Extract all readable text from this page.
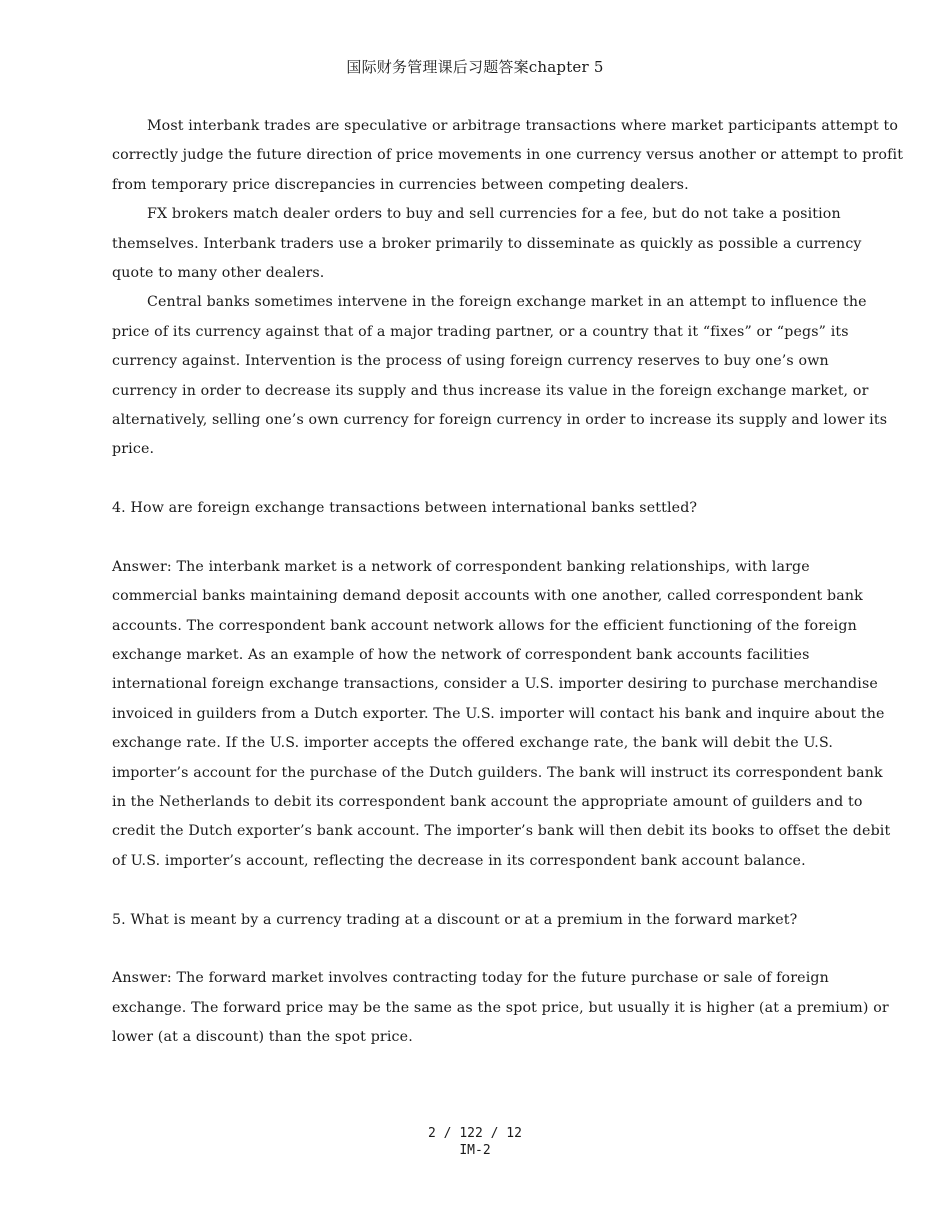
国际财务管理课后习题答案chapter 5
Most interbank trades are speculative or arbitrage transactions where market participants attempt to
correctly judge the future direction of price movements in one currency versus another or attempt to profit
from temporary price discrepancies in currencies between competing dealers.
FX brokers match dealer orders to buy and sell currencies for a fee, but do not take a position
themselves. Interbank traders use a broker primarily to disseminate as quickly as possible a currency
quote to many other dealers.
Central banks sometimes intervene in the foreign exchange market in an attempt to influence the
price of its currency against that of a major trading partner, or a country that it “fixes” or “pegs” its
currency against. Intervention is the process of using foreign currency reserves to buy one’s own
currency in order to decrease its supply and thus increase its value in the foreign exchange market, or
alternatively, selling one’s own currency for foreign currency in order to increase its supply and lower its
price.
4. How are foreign exchange transactions between international banks settled?
Answer: The interbank market is a network of correspondent banking relationships, with large
commercial banks maintaining demand deposit accounts with one another, called correspondent bank
accounts. The correspondent bank account network allows for the efficient functioning of the foreign
exchange market. As an example of how the network of correspondent bank accounts facilities
international foreign exchange transactions, consider a U.S. importer desiring to purchase merchandise
invoiced in guilders from a Dutch exporter. The U.S. importer will contact his bank and inquire about the
exchange rate. If the U.S. importer accepts the offered exchange rate, the bank will debit the U.S.
importer’s account for the purchase of the Dutch guilders. The bank will instruct its correspondent bank
in the Netherlands to debit its correspondent bank account the appropriate amount of guilders and to
credit the Dutch exporter’s bank account. The importer’s bank will then debit its books to offset the debit
of U.S. importer’s account, reflecting the decrease in its correspondent bank account balance.
5. What is meant by a currency trading at a discount or at a premium in the forward market?
Answer: The forward market involves contracting today for the future purchase or sale of foreign
exchange. The forward price may be the same as the spot price, but usually it is higher (at a premium) or
lower (at a discount) than the spot price.
2 / 122 / 12
IM-2
